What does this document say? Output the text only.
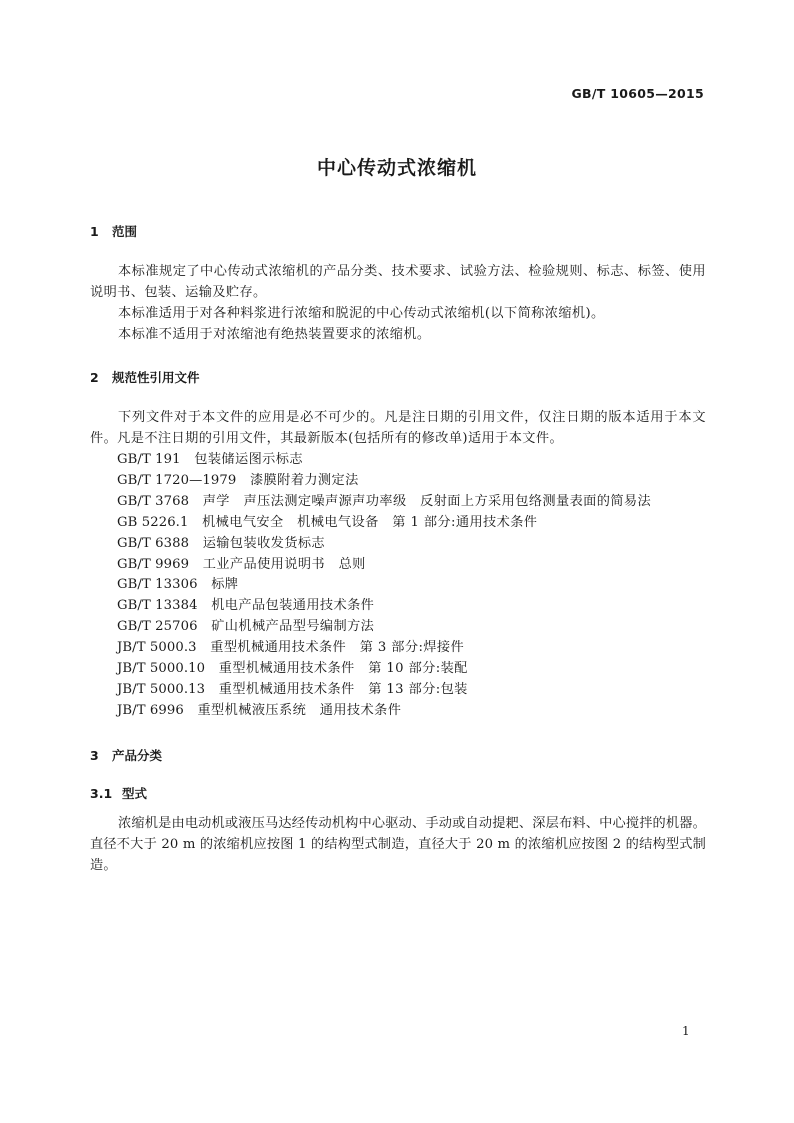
GB/T 10605—2015
中心传动式浓缩机
1 范围
本标准规定了中心传动式浓缩机的产品分类、技术要求、试验方法、检验规则、标志、标签、使用说明书、包装、运输及贮存。
本标准适用于对各种料浆进行浓缩和脱泥的中心传动式浓缩机(以下简称浓缩机)。
本标准不适用于对浓缩池有绝热装置要求的浓缩机。
2 规范性引用文件
下列文件对于本文件的应用是必不可少的。凡是注日期的引用文件，仅注日期的版本适用于本文件。凡是不注日期的引用文件，其最新版本(包括所有的修改单)适用于本文件。
GB/T 191　 包装储运图示标志
GB/T 1720—1979　 漆膜附着力测定法
GB/T 3768　 声学　声压法测定噪声源声功率级　反射面上方采用包络测量表面的简易法
GB 5226.1　 机械电气安全　机械电气设备　第 1 部分:通用技术条件
GB/T 6388　 运输包装收发货标志
GB/T 9969　 工业产品使用说明书　总则
GB/T 13306　 标牌
GB/T 13384　 机电产品包装通用技术条件
GB/T 25706　 矿山机械产品型号编制方法
JB/T 5000.3　 重型机械通用技术条件　第 3 部分:焊接件
JB/T 5000.10　 重型机械通用技术条件　第 10 部分:装配
JB/T 5000.13　 重型机械通用技术条件　第 13 部分:包装
JB/T 6996　 重型机械液压系统　通用技术条件
3 产品分类
3.1 型式
浓缩机是由电动机或液压马达经传动机构中心驱动、手动或自动提耙、深层布料、中心搅拌的机器。直径不大于 20 m 的浓缩机应按图 1 的结构型式制造，直径大于 20 m 的浓缩机应按图 2 的结构型式制造。
1
